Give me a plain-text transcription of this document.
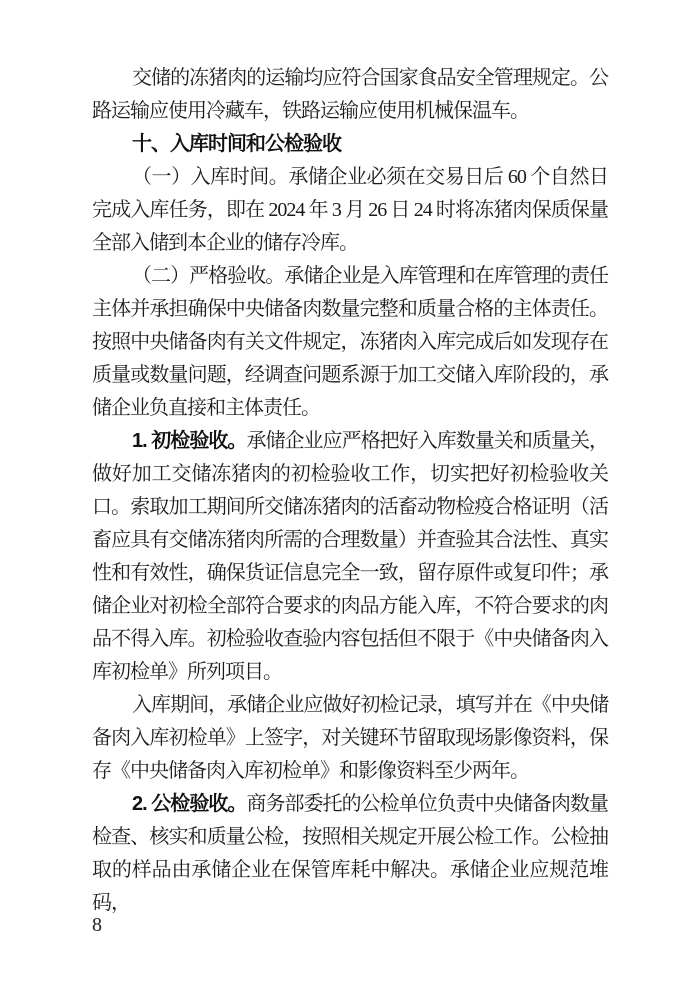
交储的冻猪肉的运输均应符合国家食品安全管理规定。公路运输应使用冷藏车，铁路运输应使用机械保温车。

十、入库时间和公检验收

（一）入库时间。承储企业必须在交易日后 60 个自然日完成入库任务，即在 2024 年 3 月 26 日 24 时将冻猪肉保质保量全部入储到本企业的储存冷库。

（二）严格验收。承储企业是入库管理和在库管理的责任主体并承担确保中央储备肉数量完整和质量合格的主体责任。按照中央储备肉有关文件规定，冻猪肉入库完成后如发现存在质量或数量问题，经调查问题系源于加工交储入库阶段的，承储企业负直接和主体责任。

1. 初检验收。承储企业应严格把好入库数量关和质量关，做好加工交储冻猪肉的初检验收工作，切实把好初检验收关口。索取加工期间所交储冻猪肉的活畜动物检疫合格证明（活畜应具有交储冻猪肉所需的合理数量）并查验其合法性、真实性和有效性，确保货证信息完全一致，留存原件或复印件；承储企业对初检全部符合要求的肉品方能入库，不符合要求的肉品不得入库。初检验收查验内容包括但不限于《中央储备肉入库初检单》所列项目。

入库期间，承储企业应做好初检记录，填写并在《中央储备肉入库初检单》上签字，对关键环节留取现场影像资料，保存《中央储备肉入库初检单》和影像资料至少两年。

2. 公检验收。商务部委托的公检单位负责中央储备肉数量检查、核实和质量公检，按照相关规定开展公检工作。公检抽取的样品由承储企业在保管库耗中解决。承储企业应规范堆码，

8
